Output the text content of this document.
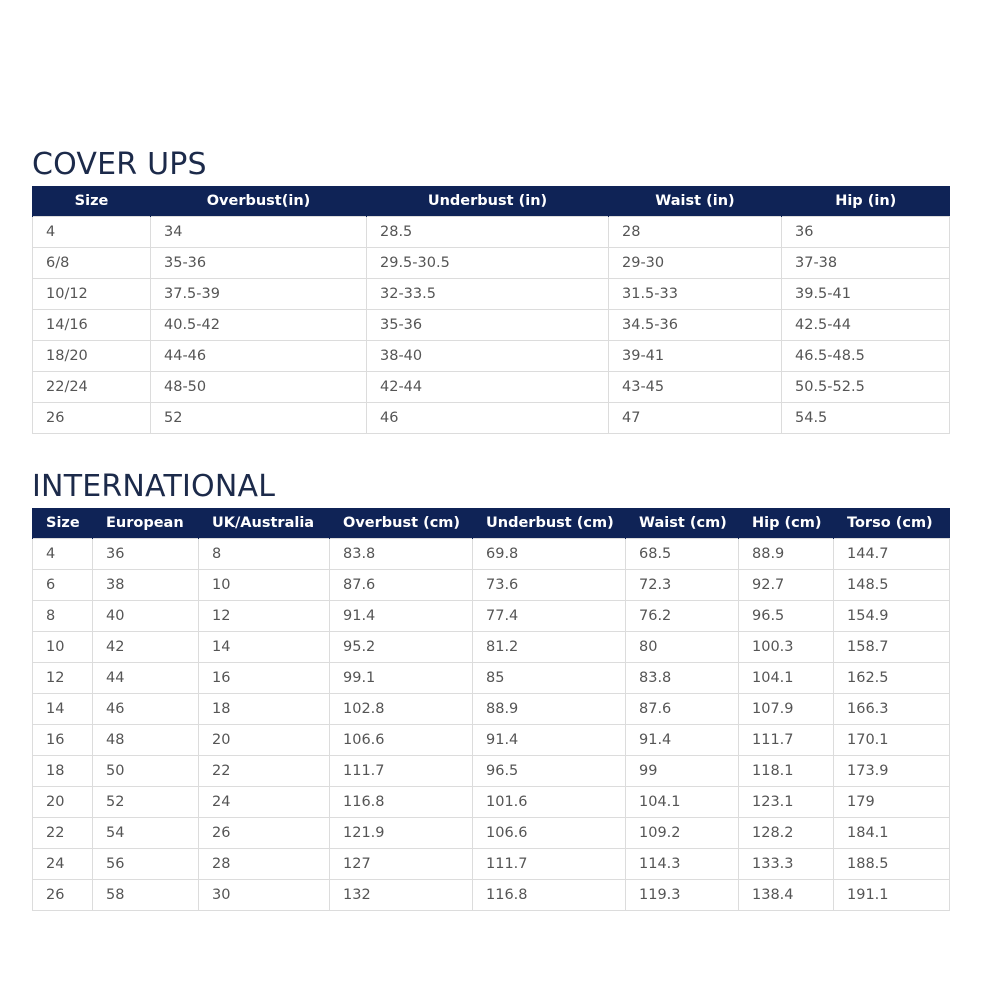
COVER UPS
Size	Overbust(in)	Underbust (in)	Waist (in)	Hip (in)
4	34	28.5	28	36
6/8	35-36	29.5-30.5	29-30	37-38
10/12	37.5-39	32-33.5	31.5-33	39.5-41
14/16	40.5-42	35-36	34.5-36	42.5-44
18/20	44-46	38-40	39-41	46.5-48.5
22/24	48-50	42-44	43-45	50.5-52.5
26	52	46	47	54.5
INTERNATIONAL
Size	European	UK/Australia	Overbust (cm)	Underbust (cm)	Waist (cm)	Hip (cm)	Torso (cm)
4	36	8	83.8	69.8	68.5	88.9	144.7
6	38	10	87.6	73.6	72.3	92.7	148.5
8	40	12	91.4	77.4	76.2	96.5	154.9
10	42	14	95.2	81.2	80	100.3	158.7
12	44	16	99.1	85	83.8	104.1	162.5
14	46	18	102.8	88.9	87.6	107.9	166.3
16	48	20	106.6	91.4	91.4	111.7	170.1
18	50	22	111.7	96.5	99	118.1	173.9
20	52	24	116.8	101.6	104.1	123.1	179
22	54	26	121.9	106.6	109.2	128.2	184.1
24	56	28	127	111.7	114.3	133.3	188.5
26	58	30	132	116.8	119.3	138.4	191.1
